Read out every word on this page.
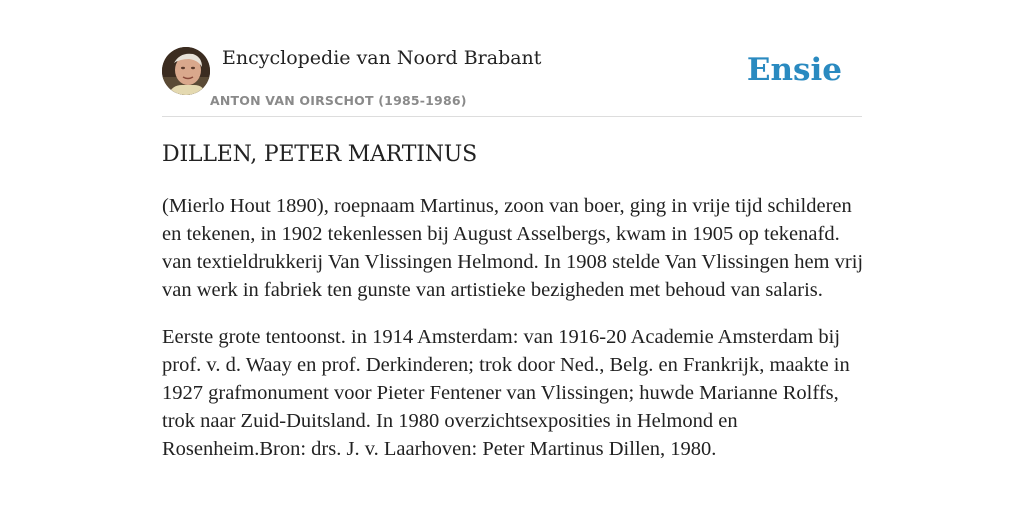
Encyclopedie van Noord Brabant
ANTON VAN OIRSCHOT (1985-1986)
Ensie
DILLEN, PETER MARTINUS

(Mierlo Hout 1890), roepnaam Martinus, zoon van boer, ging in vrije tijd schilderen en tekenen, in 1902 tekenlessen bij August Asselbergs, kwam in 1905 op tekenafd. van textieldrukkerij Van Vlissingen Helmond. In 1908 stelde Van Vlissingen hem vrij van werk in fabriek ten gunste van artistieke bezigheden met behoud van salaris.

Eerste grote tentoonst. in 1914 Amsterdam: van 1916-20 Academie Amsterdam bij prof. v. d. Waay en prof. Derkinderen; trok door Ned., Belg. en Frankrijk, maakte in 1927 grafmonument voor Pieter Fentener van Vlissingen; huwde Marianne Rolffs, trok naar Zuid-Duitsland. In 1980 overzichtsexposities in Helmond en Rosenheim.Bron: drs. J. v. Laarhoven: Peter Martinus Dillen, 1980.
